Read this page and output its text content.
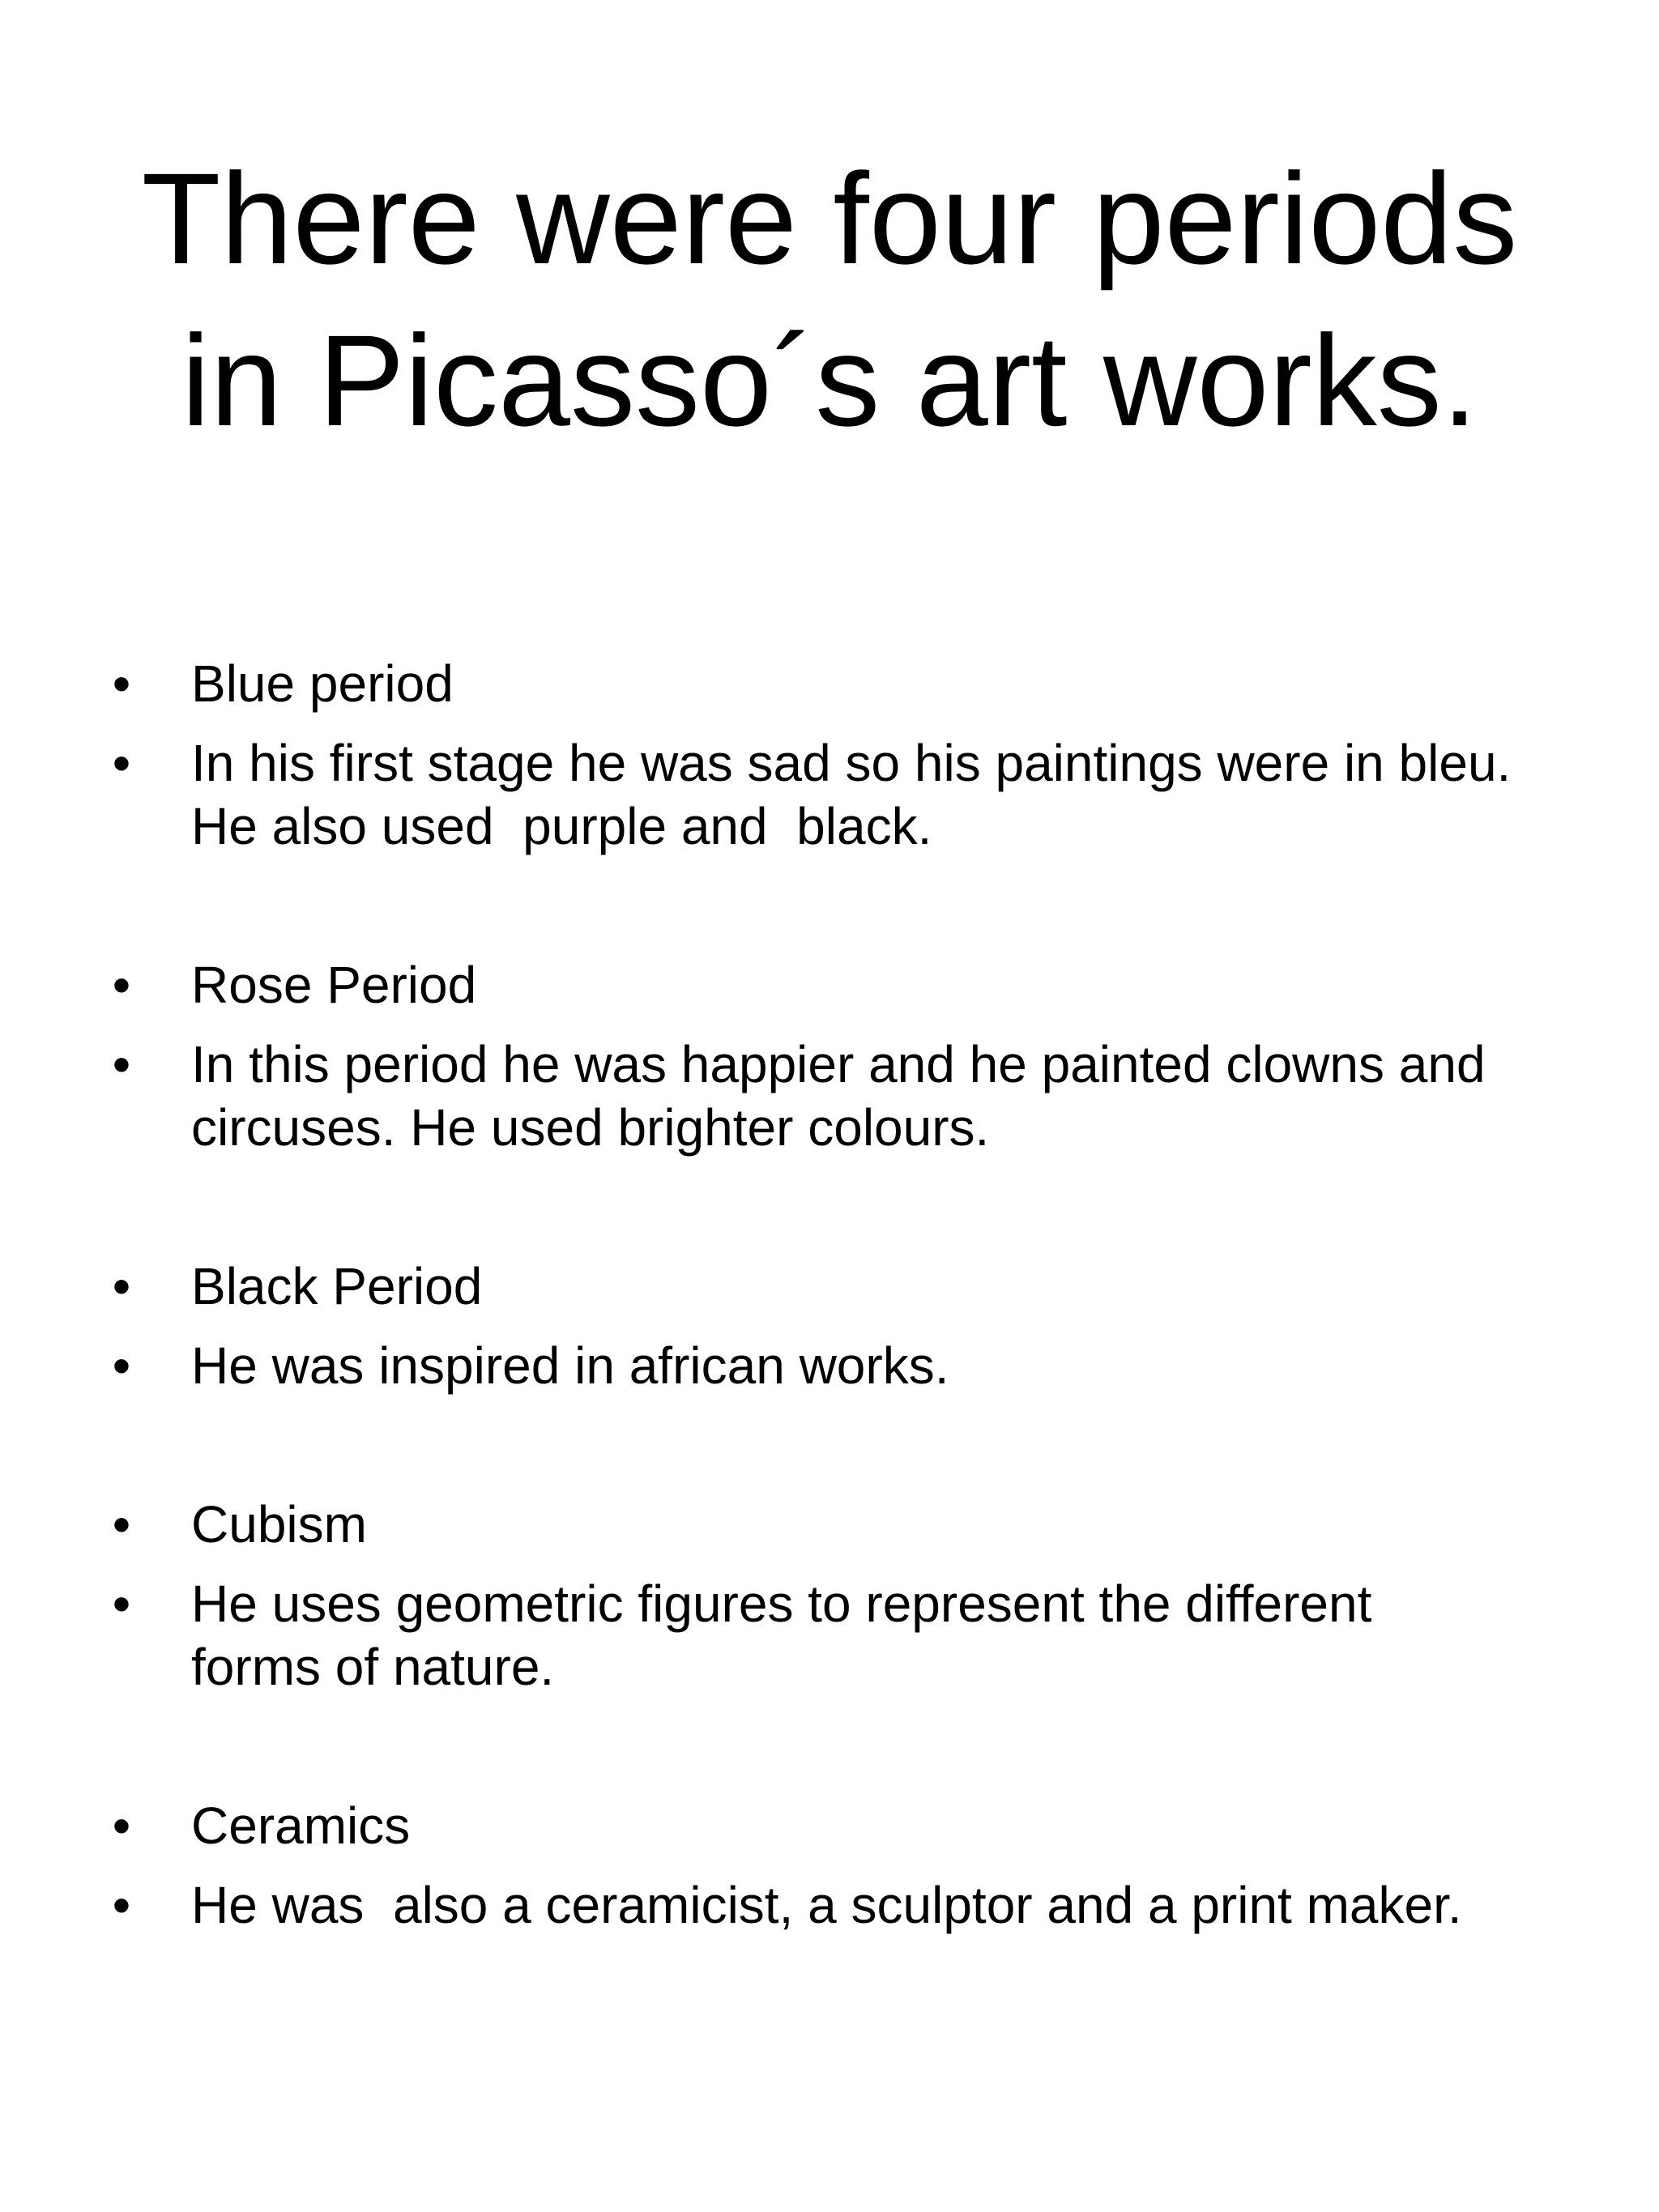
There were four periods
in Picasso´s art works.
• Blue period
• In his first stage he was sad so his paintings were in bleu.
He also used  purple and  black.
• Rose Period
• In this period he was happier and he painted clowns and
circuses. He used brighter colours.
• Black Period
• He was inspired in african works.
• Cubism
• He uses geometric figures to represent the different
forms of nature.
• Ceramics
• He was  also a ceramicist, a sculptor and a print maker.
